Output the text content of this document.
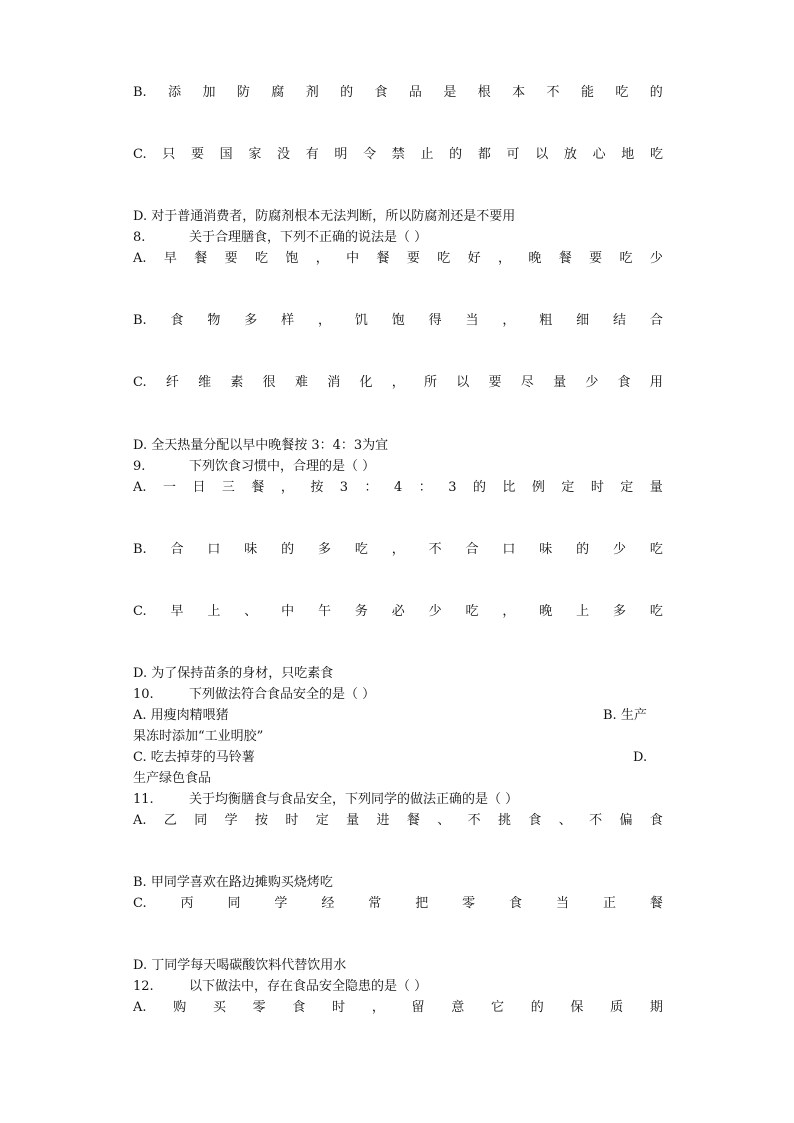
B. 添 加 防 腐 剂 的 食 品 是 根 本 不 能 吃 的
C. 只 要 国 家 没 有 明 令 禁 止 的 都 可 以 放 心 地 吃
D. 对于普通消费者，防腐剂根本无法判断，所以防腐剂还是不要用
8.	关于合理膳食，下列不正确的说法是（ ）
A. 早 餐 要 吃 饱 ， 中 餐 要 吃 好 ， 晚 餐 要 吃 少
B. 食 物 多 样 ， 饥 饱 得 当 ， 粗 细 结 合
C. 纤 维 素 很 难 消 化 ， 所 以 要 尽 量 少 食 用
D. 全天热量分配以早中晚餐按 3：4：3为宜
9.	下列饮食习惯中，合理的是（ ）
A. 一 日 三 餐 ， 按 3 ： 4 ： 3 的 比 例 定 时 定 量
B. 合 口 味 的 多 吃 ， 不 合 口 味 的 少 吃
C. 早 上 、 中 午 务 必 少 吃 ， 晚 上 多 吃
D. 为了保持苗条的身材，只吃素食
10.	下列做法符合食品安全的是（ ）
A. 用瘦肉精喂猪	B. 生产
果冻时添加“工业明胶”
C. 吃去掉芽的马铃薯	D.
生产绿色食品
11.	关于均衡膳食与食品安全，下列同学的做法正确的是（ ）
A. 乙 同 学 按 时 定 量 进 餐 、 不 挑 食 、 不 偏 食
B. 甲同学喜欢在路边摊购买烧烤吃
C.	丙	同	学	经	常	把	零	食	当	正	餐
D. 丁同学每天喝碳酸饮料代替饮用水
12.	以下做法中，存在食品安全隐患的是（ ）
A. 购 买 零 食 时 ， 留 意 它 的 保 质 期
